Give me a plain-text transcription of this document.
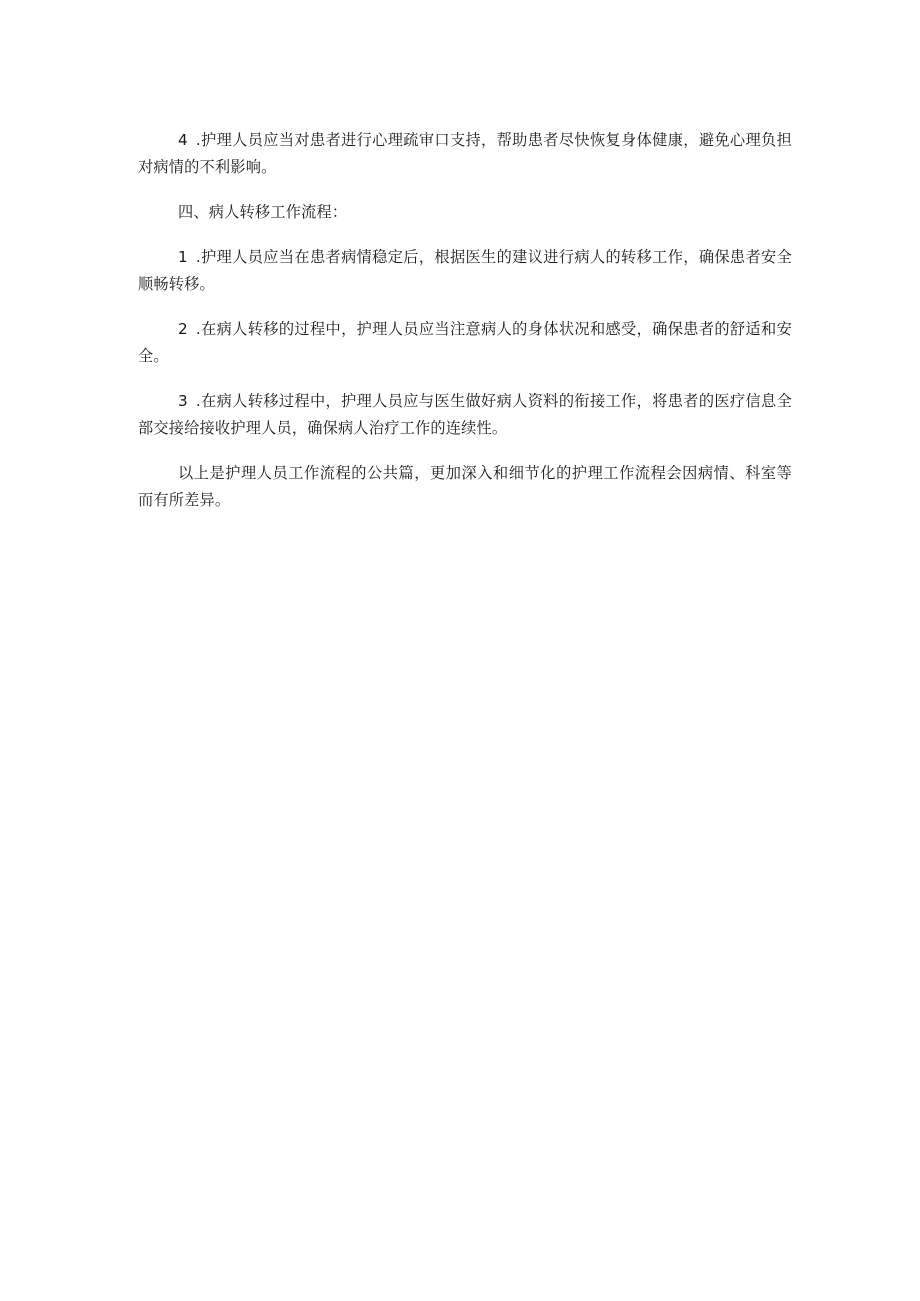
4 .护理人员应当对患者进行心理疏审口支持，帮助患者尽快恢复身体健康，避免心理负担对病情的不利影响。

四、病人转移工作流程：

1 .护理人员应当在患者病情稳定后，根据医生的建议进行病人的转移工作，确保患者安全顺畅转移。

2 .在病人转移的过程中，护理人员应当注意病人的身体状况和感受，确保患者的舒适和安全。

3 .在病人转移过程中，护理人员应与医生做好病人资料的衔接工作，将患者的医疗信息全部交接给接收护理人员，确保病人治疗工作的连续性。

以上是护理人员工作流程的公共篇，更加深入和细节化的护理工作流程会因病情、科室等而有所差异。
